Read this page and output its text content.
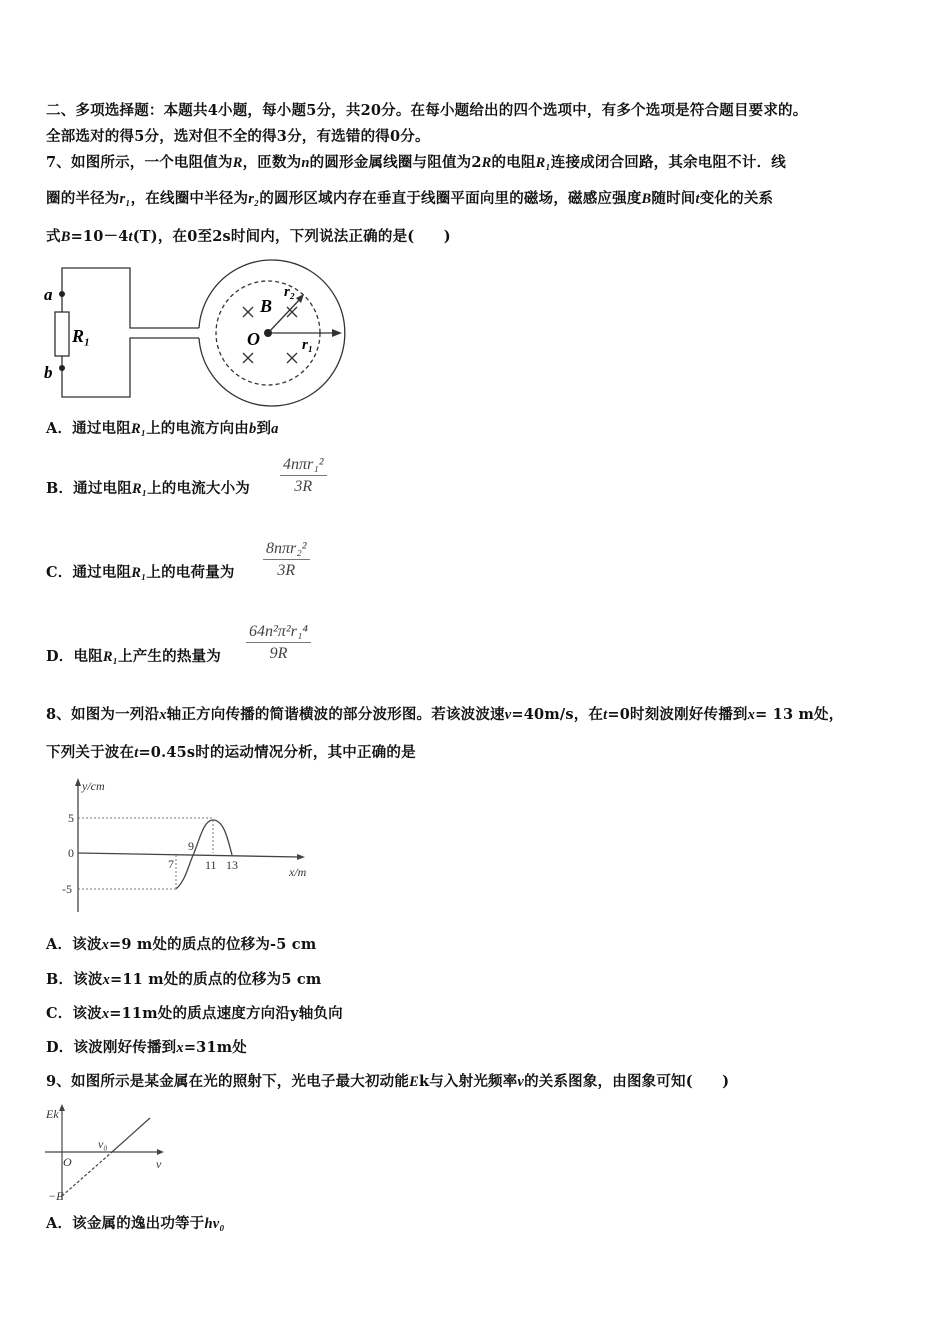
二、多项选择题：本题共4小题，每小题5分，共20分。在每小题给出的四个选项中，有多个选项是符合题目要求的。
全部选对的得5分，选对但不全的得3分，有选错的得0分。
7、如图所示，一个电阻值为R，匝数为n的圆形金属线圈与阻值为2R的电阻R₁连接成闭合回路，其余电阻不计．线
圈的半径为r₁，在线圈中半径为r₂的圆形区域内存在垂直于线圈平面向里的磁场，磁感应强度B随时间t变化的关系
式B=10－4t(T)，在0至2s时间内，下列说法正确的是(　　)
a
b
R₁
B
O	r₁
r₂
A．通过电阻R₁上的电流方向由b到a
B．通过电阻R₁上的电流大小为
4nπr₁²
3R
C．通过电阻R₁上的电荷量为
8nπr₂²
3R
D．电阻R₁上产生的热量为 $\frac{\text{64n²π²r₁⁴}}{9R}$
8、如图为一列沿x轴正方向传播的简谐横波的部分波形图。若该波波速v=40m/s，在t=0时刻波刚好传播到x= 13 m处，
下列关于波在t=0.45s时的运动情况分析，其中正确的是
y/cm
x/m
5
0
-5
7
9
11 13
A．该波x=9 m处的质点的位移为-5 cm
B．该波x=11 m处的质点的位移为5 cm
C．该波x=11m处的质点速度方向沿y轴负向
D．该波刚好传播到x=31m处
9、如图所示是某金属在光的照射下，光电子最大初动能Ek与入射光频率v的关系图象，由图象可知(　　)
Ek
ν₀
O	ν
−E
A．该金属的逸出功等于hv₀
